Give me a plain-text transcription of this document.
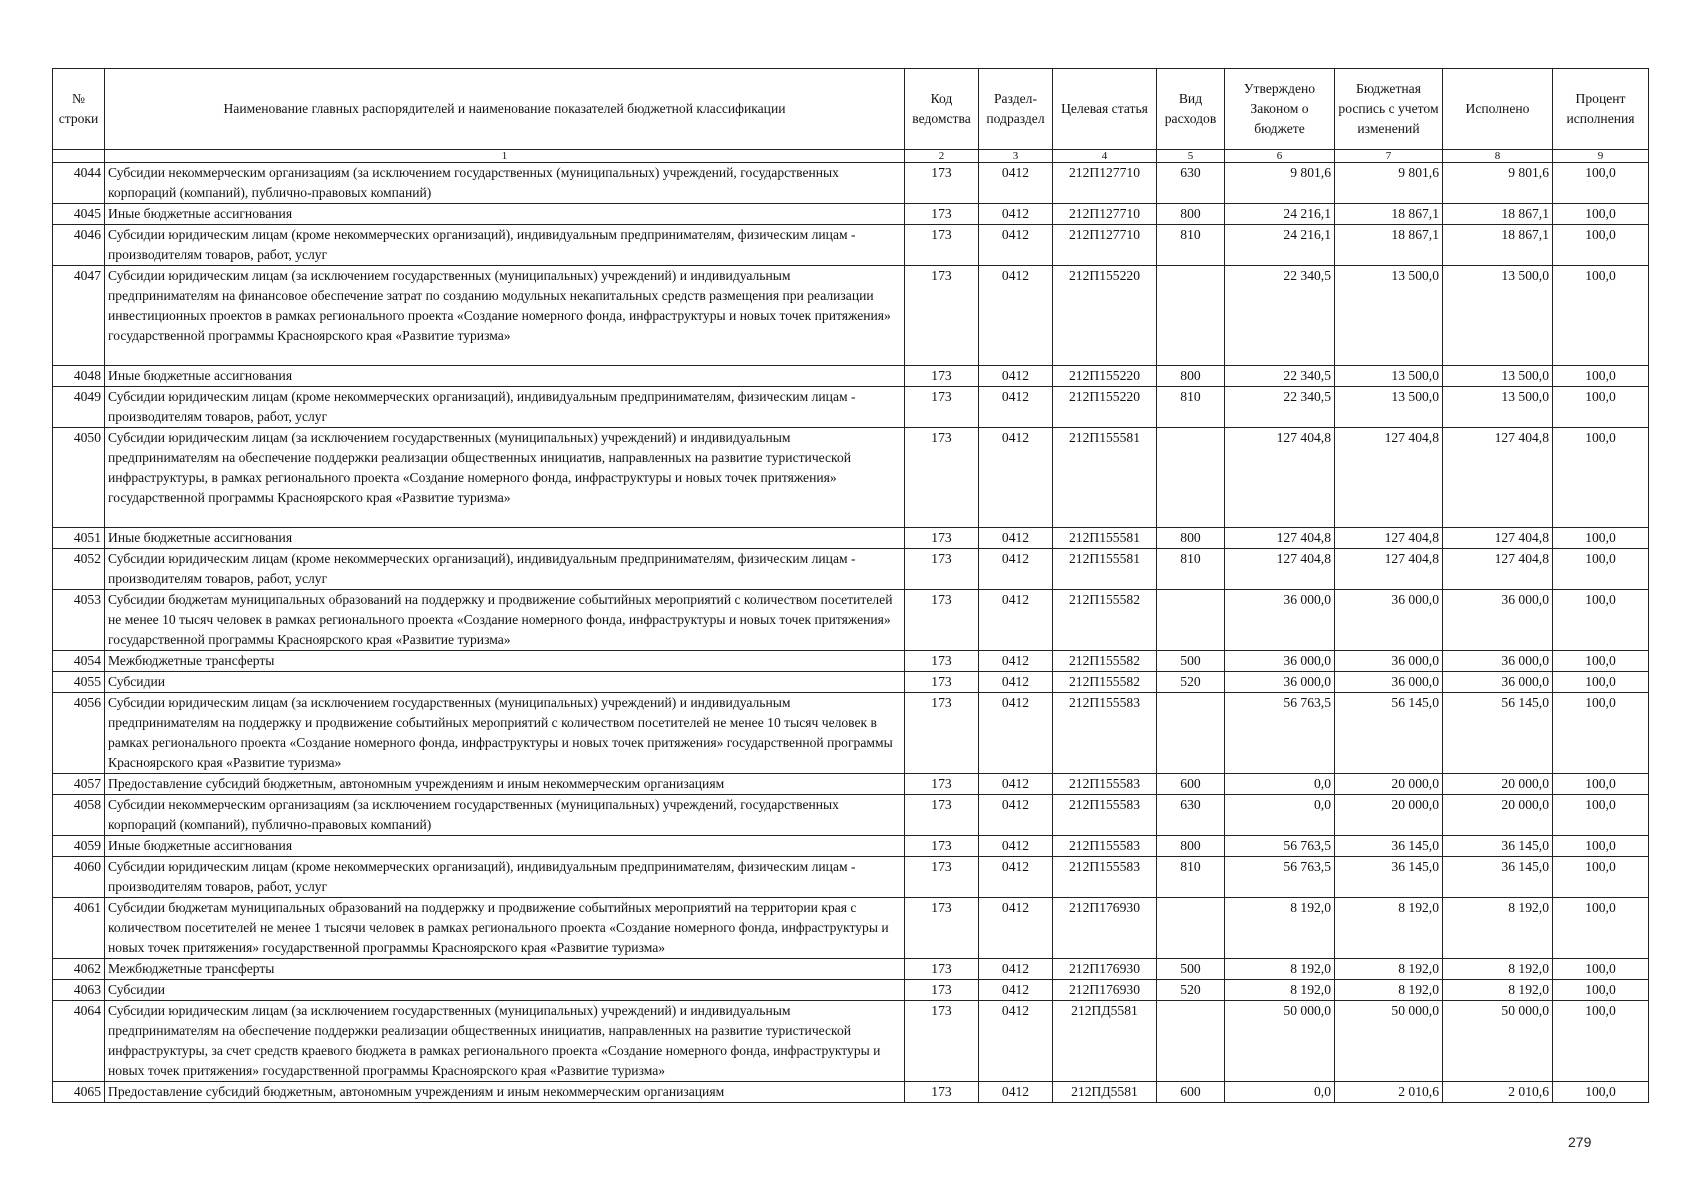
№ строки	Наименование главных распорядителей и наименование показателей бюджетной классификации	Код ведомства	Раздел-подраздел	Целевая статья	Вид расходов	Утверждено Законом о бюджете	Бюджетная роспись с учетом изменений	Исполнено	Процент исполнения
	1	2	3	4	5	6	7	8	9
4044	Субсидии некоммерческим организациям (за исключением государственных (муниципальных) учреждений, государственных корпораций (компаний), публично-правовых компаний)	173	0412	212П127710	630	9 801,6	9 801,6	9 801,6	100,0
4045	Иные бюджетные ассигнования	173	0412	212П127710	800	24 216,1	18 867,1	18 867,1	100,0
4046	Субсидии юридическим лицам (кроме некоммерческих организаций), индивидуальным предпринимателям, физическим лицам - производителям товаров, работ, услуг	173	0412	212П127710	810	24 216,1	18 867,1	18 867,1	100,0
4047	Субсидии юридическим лицам (за исключением государственных (муниципальных) учреждений) и индивидуальным предпринимателям на финансовое обеспечение затрат по созданию модульных некапитальных средств размещения при реализации инвестиционных проектов в рамках регионального проекта «Создание номерного фонда, инфраструктуры и новых точек притяжения» государственной программы Красноярского края «Развитие туризма»	173	0412	212П155220		22 340,5	13 500,0	13 500,0	100,0
4048	Иные бюджетные ассигнования	173	0412	212П155220	800	22 340,5	13 500,0	13 500,0	100,0
4049	Субсидии юридическим лицам (кроме некоммерческих организаций), индивидуальным предпринимателям, физическим лицам - производителям товаров, работ, услуг	173	0412	212П155220	810	22 340,5	13 500,0	13 500,0	100,0
4050	Субсидии юридическим лицам (за исключением государственных (муниципальных) учреждений) и индивидуальным предпринимателям на обеспечение поддержки реализации общественных инициатив, направленных на развитие туристической инфраструктуры, в рамках регионального проекта «Создание номерного фонда, инфраструктуры и новых точек притяжения» государственной программы Красноярского края «Развитие туризма»	173	0412	212П155581		127 404,8	127 404,8	127 404,8	100,0
4051	Иные бюджетные ассигнования	173	0412	212П155581	800	127 404,8	127 404,8	127 404,8	100,0
4052	Субсидии юридическим лицам (кроме некоммерческих организаций), индивидуальным предпринимателям, физическим лицам - производителям товаров, работ, услуг	173	0412	212П155581	810	127 404,8	127 404,8	127 404,8	100,0
4053	Субсидии бюджетам муниципальных образований на поддержку и продвижение событийных мероприятий с количеством посетителей не менее 10 тысяч человек в рамках регионального проекта «Создание номерного фонда, инфраструктуры и новых точек притяжения» государственной программы Красноярского края «Развитие туризма»	173	0412	212П155582		36 000,0	36 000,0	36 000,0	100,0
4054	Межбюджетные трансферты	173	0412	212П155582	500	36 000,0	36 000,0	36 000,0	100,0
4055	Субсидии	173	0412	212П155582	520	36 000,0	36 000,0	36 000,0	100,0
4056	Субсидии юридическим лицам (за исключением государственных (муниципальных) учреждений) и индивидуальным предпринимателям на поддержку и продвижение событийных мероприятий с количеством посетителей не менее 10 тысяч человек в рамках регионального проекта «Создание номерного фонда, инфраструктуры и новых точек притяжения» государственной программы Красноярского края «Развитие туризма»	173	0412	212П155583		56 763,5	56 145,0	56 145,0	100,0
4057	Предоставление субсидий бюджетным, автономным учреждениям и иным некоммерческим организациям	173	0412	212П155583	600	0,0	20 000,0	20 000,0	100,0
4058	Субсидии некоммерческим организациям (за исключением государственных (муниципальных) учреждений, государственных корпораций (компаний), публично-правовых компаний)	173	0412	212П155583	630	0,0	20 000,0	20 000,0	100,0
4059	Иные бюджетные ассигнования	173	0412	212П155583	800	56 763,5	36 145,0	36 145,0	100,0
4060	Субсидии юридическим лицам (кроме некоммерческих организаций), индивидуальным предпринимателям, физическим лицам - производителям товаров, работ, услуг	173	0412	212П155583	810	56 763,5	36 145,0	36 145,0	100,0
4061	Субсидии бюджетам муниципальных образований на поддержку и продвижение событийных мероприятий на территории края с количеством посетителей не менее 1 тысячи человек в рамках регионального проекта «Создание номерного фонда, инфраструктуры и новых точек притяжения» государственной программы Красноярского края «Развитие туризма»	173	0412	212П176930		8 192,0	8 192,0	8 192,0	100,0
4062	Межбюджетные трансферты	173	0412	212П176930	500	8 192,0	8 192,0	8 192,0	100,0
4063	Субсидии	173	0412	212П176930	520	8 192,0	8 192,0	8 192,0	100,0
4064	Субсидии юридическим лицам (за исключением государственных (муниципальных) учреждений) и индивидуальным предпринимателям на обеспечение поддержки реализации общественных инициатив, направленных на развитие туристической инфраструктуры, за счет средств краевого бюджета в рамках регионального проекта «Создание номерного фонда, инфраструктуры и новых точек притяжения» государственной программы Красноярского края «Развитие туризма»	173	0412	212ПД5581		50 000,0	50 000,0	50 000,0	100,0
4065	Предоставление субсидий бюджетным, автономным учреждениям и иным некоммерческим организациям	173	0412	212ПД5581	600	0,0	2 010,6	2 010,6	100,0
279
